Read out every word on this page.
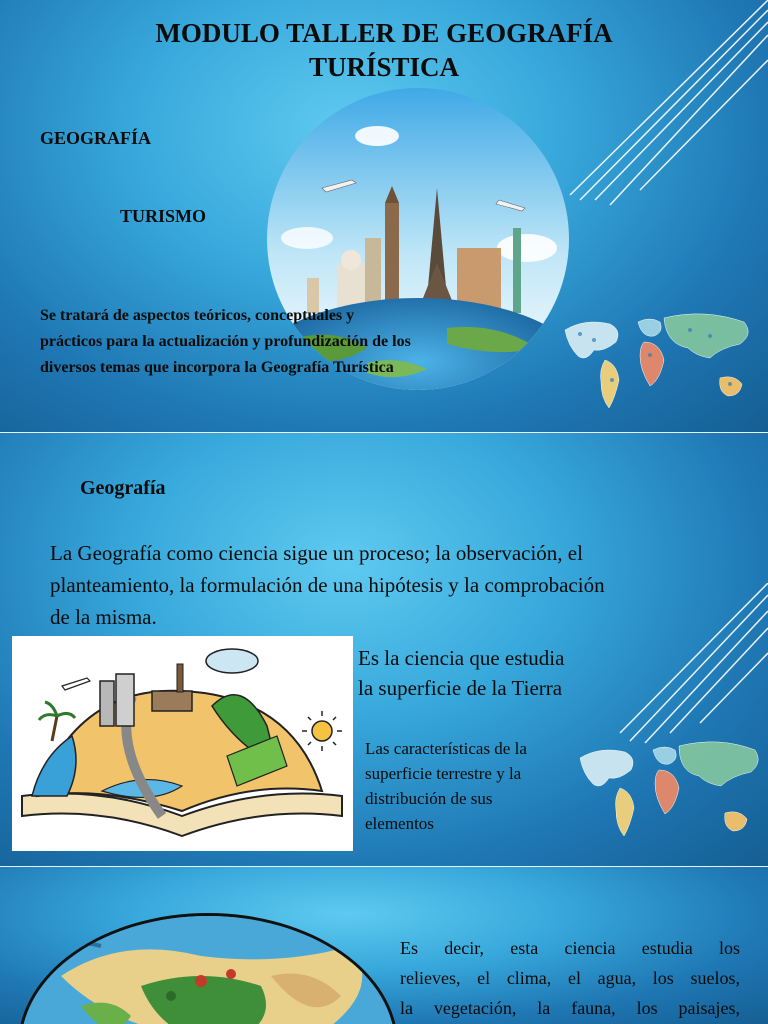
MODULO TALLER DE GEOGRAFÍA
TURÍSTICA
GEOGRAFÍA
TURISMO
Se tratará de aspectos teóricos, conceptuales y
prácticos para la actualización y profundización de los
diversos temas que incorpora la Geografía Turística
Geografía
La Geografía como ciencia sigue un proceso; la observación, el
planteamiento, la formulación de una hipótesis y la comprobación
de la misma.
Es la ciencia que estudia
la superficie de la Tierra
Las características de la
superficie terrestre y la
distribución de sus
elementos
Es decir, esta ciencia estudia los
relieves, el clima, el agua, los suelos,
la vegetación, la fauna, los paisajes,
